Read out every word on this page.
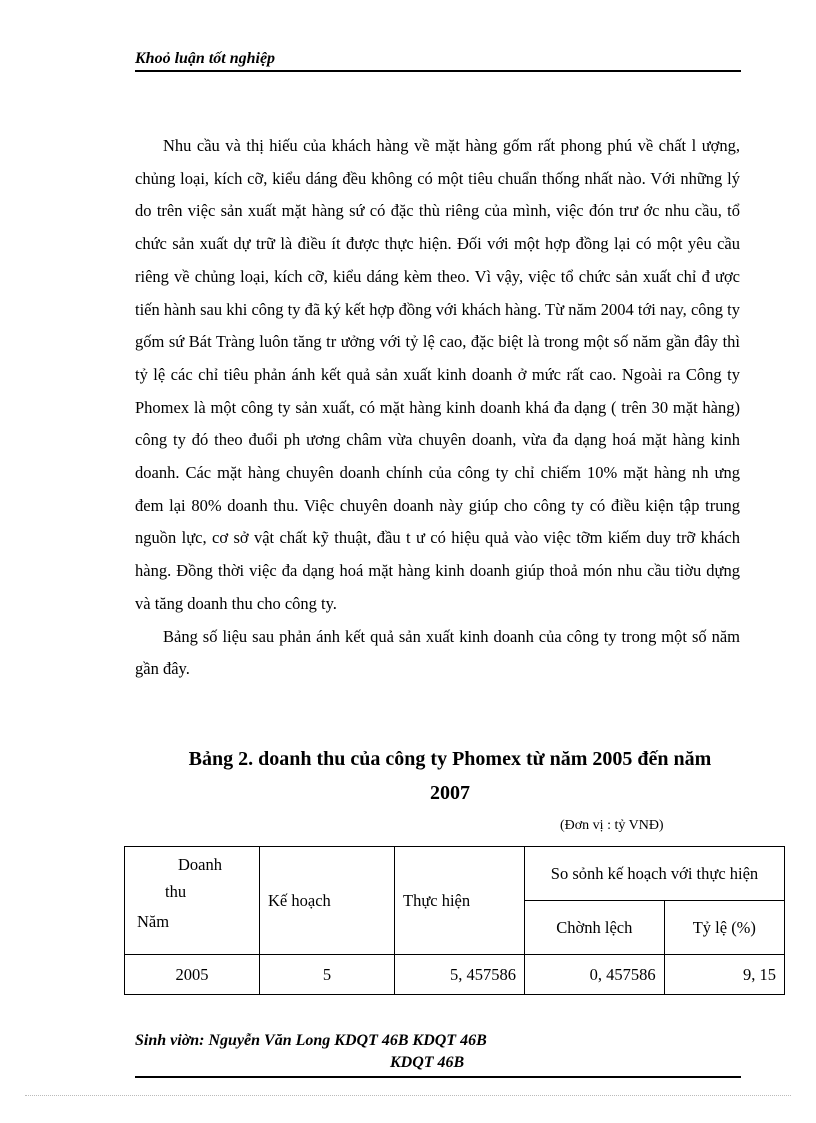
Khoỏ luận tốt nghiệp

Nhu cầu và thị hiếu của khách hàng về mặt hàng gốm rất phong phú về chất l ượng, chủng loại, kích cỡ, kiểu dáng đều không có một tiêu chuẩn thống nhất nào. Với những lý do trên việc sản xuất mặt hàng sứ có đặc thù riêng của mình, việc đón trư ớc nhu cầu, tổ chức sản xuất dự trữ là điều ít được thực hiện. Đối với một hợp đồng lại có một yêu cầu riêng về chủng loại, kích cỡ, kiểu dáng kèm theo. Vì vậy, việc tổ chức sản xuất chỉ đ ược tiến hành sau khi công ty đã ký kết hợp đồng với khách hàng. Từ năm 2004 tới nay, công ty gốm sứ Bát Tràng luôn tăng tr ưởng với tỷ lệ cao, đặc biệt là trong một số năm gần đây thì tỷ lệ các chỉ tiêu phản ánh kết quả sản xuất kinh doanh ở mức rất cao. Ngoài ra Công ty Phomex là một công ty sản xuất, có mặt hàng kinh doanh khá đa dạng ( trên 30 mặt hàng) công ty đó theo đuổi ph ương châm vừa chuyên doanh, vừa đa dạng hoá mặt hàng kinh doanh. Các mặt hàng chuyên doanh chính của công ty chỉ chiếm 10% mặt hàng nh ưng đem lại 80% doanh thu. Việc chuyên doanh này giúp cho công ty có điều kiện tập trung nguồn lực, cơ sở vật chất kỹ thuật, đầu t ư có hiệu quả vào việc tỡm kiếm duy trỡ khách hàng. Đồng thời việc đa dạng hoá mặt hàng kinh doanh giúp thoả món nhu cầu tiờu dựng và tăng doanh thu cho công ty.

Bảng số liệu sau phản ánh kết quả sản xuất kinh doanh của công ty trong một số năm gần đây.

Bảng 2. doanh thu của công ty Phomex từ năm 2005 đến năm
2007
(Đơn vị : tỷ VNĐ)
Doanh
thu
Năm	Kế hoạch	Thực hiện	So sỏnh kế hoạch với thực hiện	
			Chờnh lệch	Tỷ lệ (%)
2005	5	5, 457586	0, 457586	9, 15
Sinh viờn: Nguyễn Văn Long KDQT 46B KDQT 46B
KDQT 46B
